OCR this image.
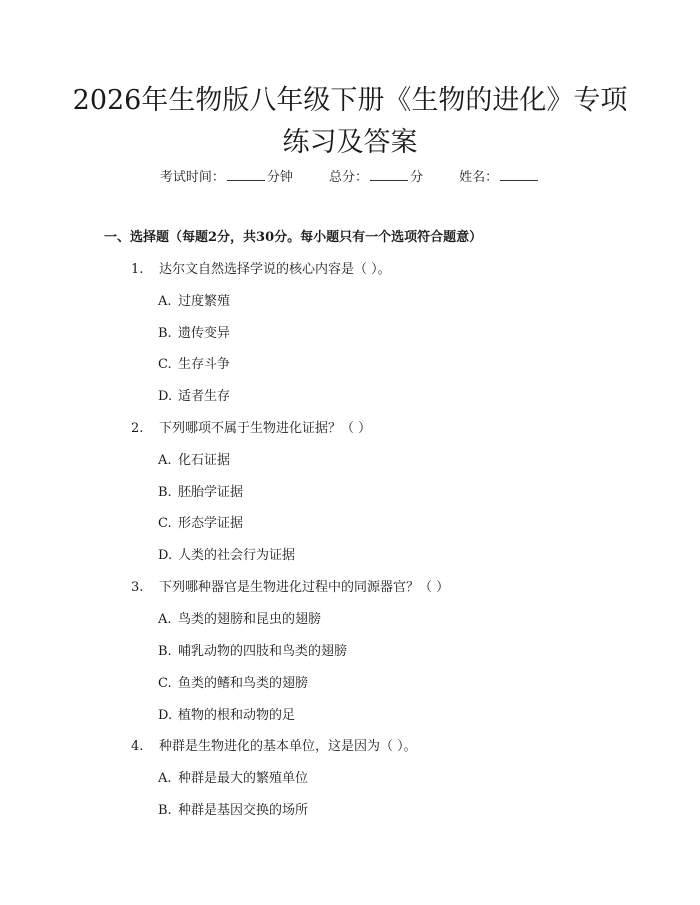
2026年生物版八年级下册《生物的进化》专项练习及答案
考试时间：	分钟	总分：	分	姓名：
一、选择题（每题2分，共30分。每小题只有一个选项符合题意）
1. 达尔文自然选择学说的核心内容是（ ）。
A. 过度繁殖
B. 遗传变异
C. 生存斗争
D. 适者生存
2. 下列哪项不属于生物进化证据？（ ）
A. 化石证据
B. 胚胎学证据
C. 形态学证据
D. 人类的社会行为证据
3. 下列哪种器官是生物进化过程中的同源器官？（ ）
A. 鸟类的翅膀和昆虫的翅膀
B. 哺乳动物的四肢和鸟类的翅膀
C. 鱼类的鳍和鸟类的翅膀
D. 植物的根和动物的足
4. 种群是生物进化的基本单位，这是因为（ ）。
A. 种群是最大的繁殖单位
B. 种群是基因交换的场所
